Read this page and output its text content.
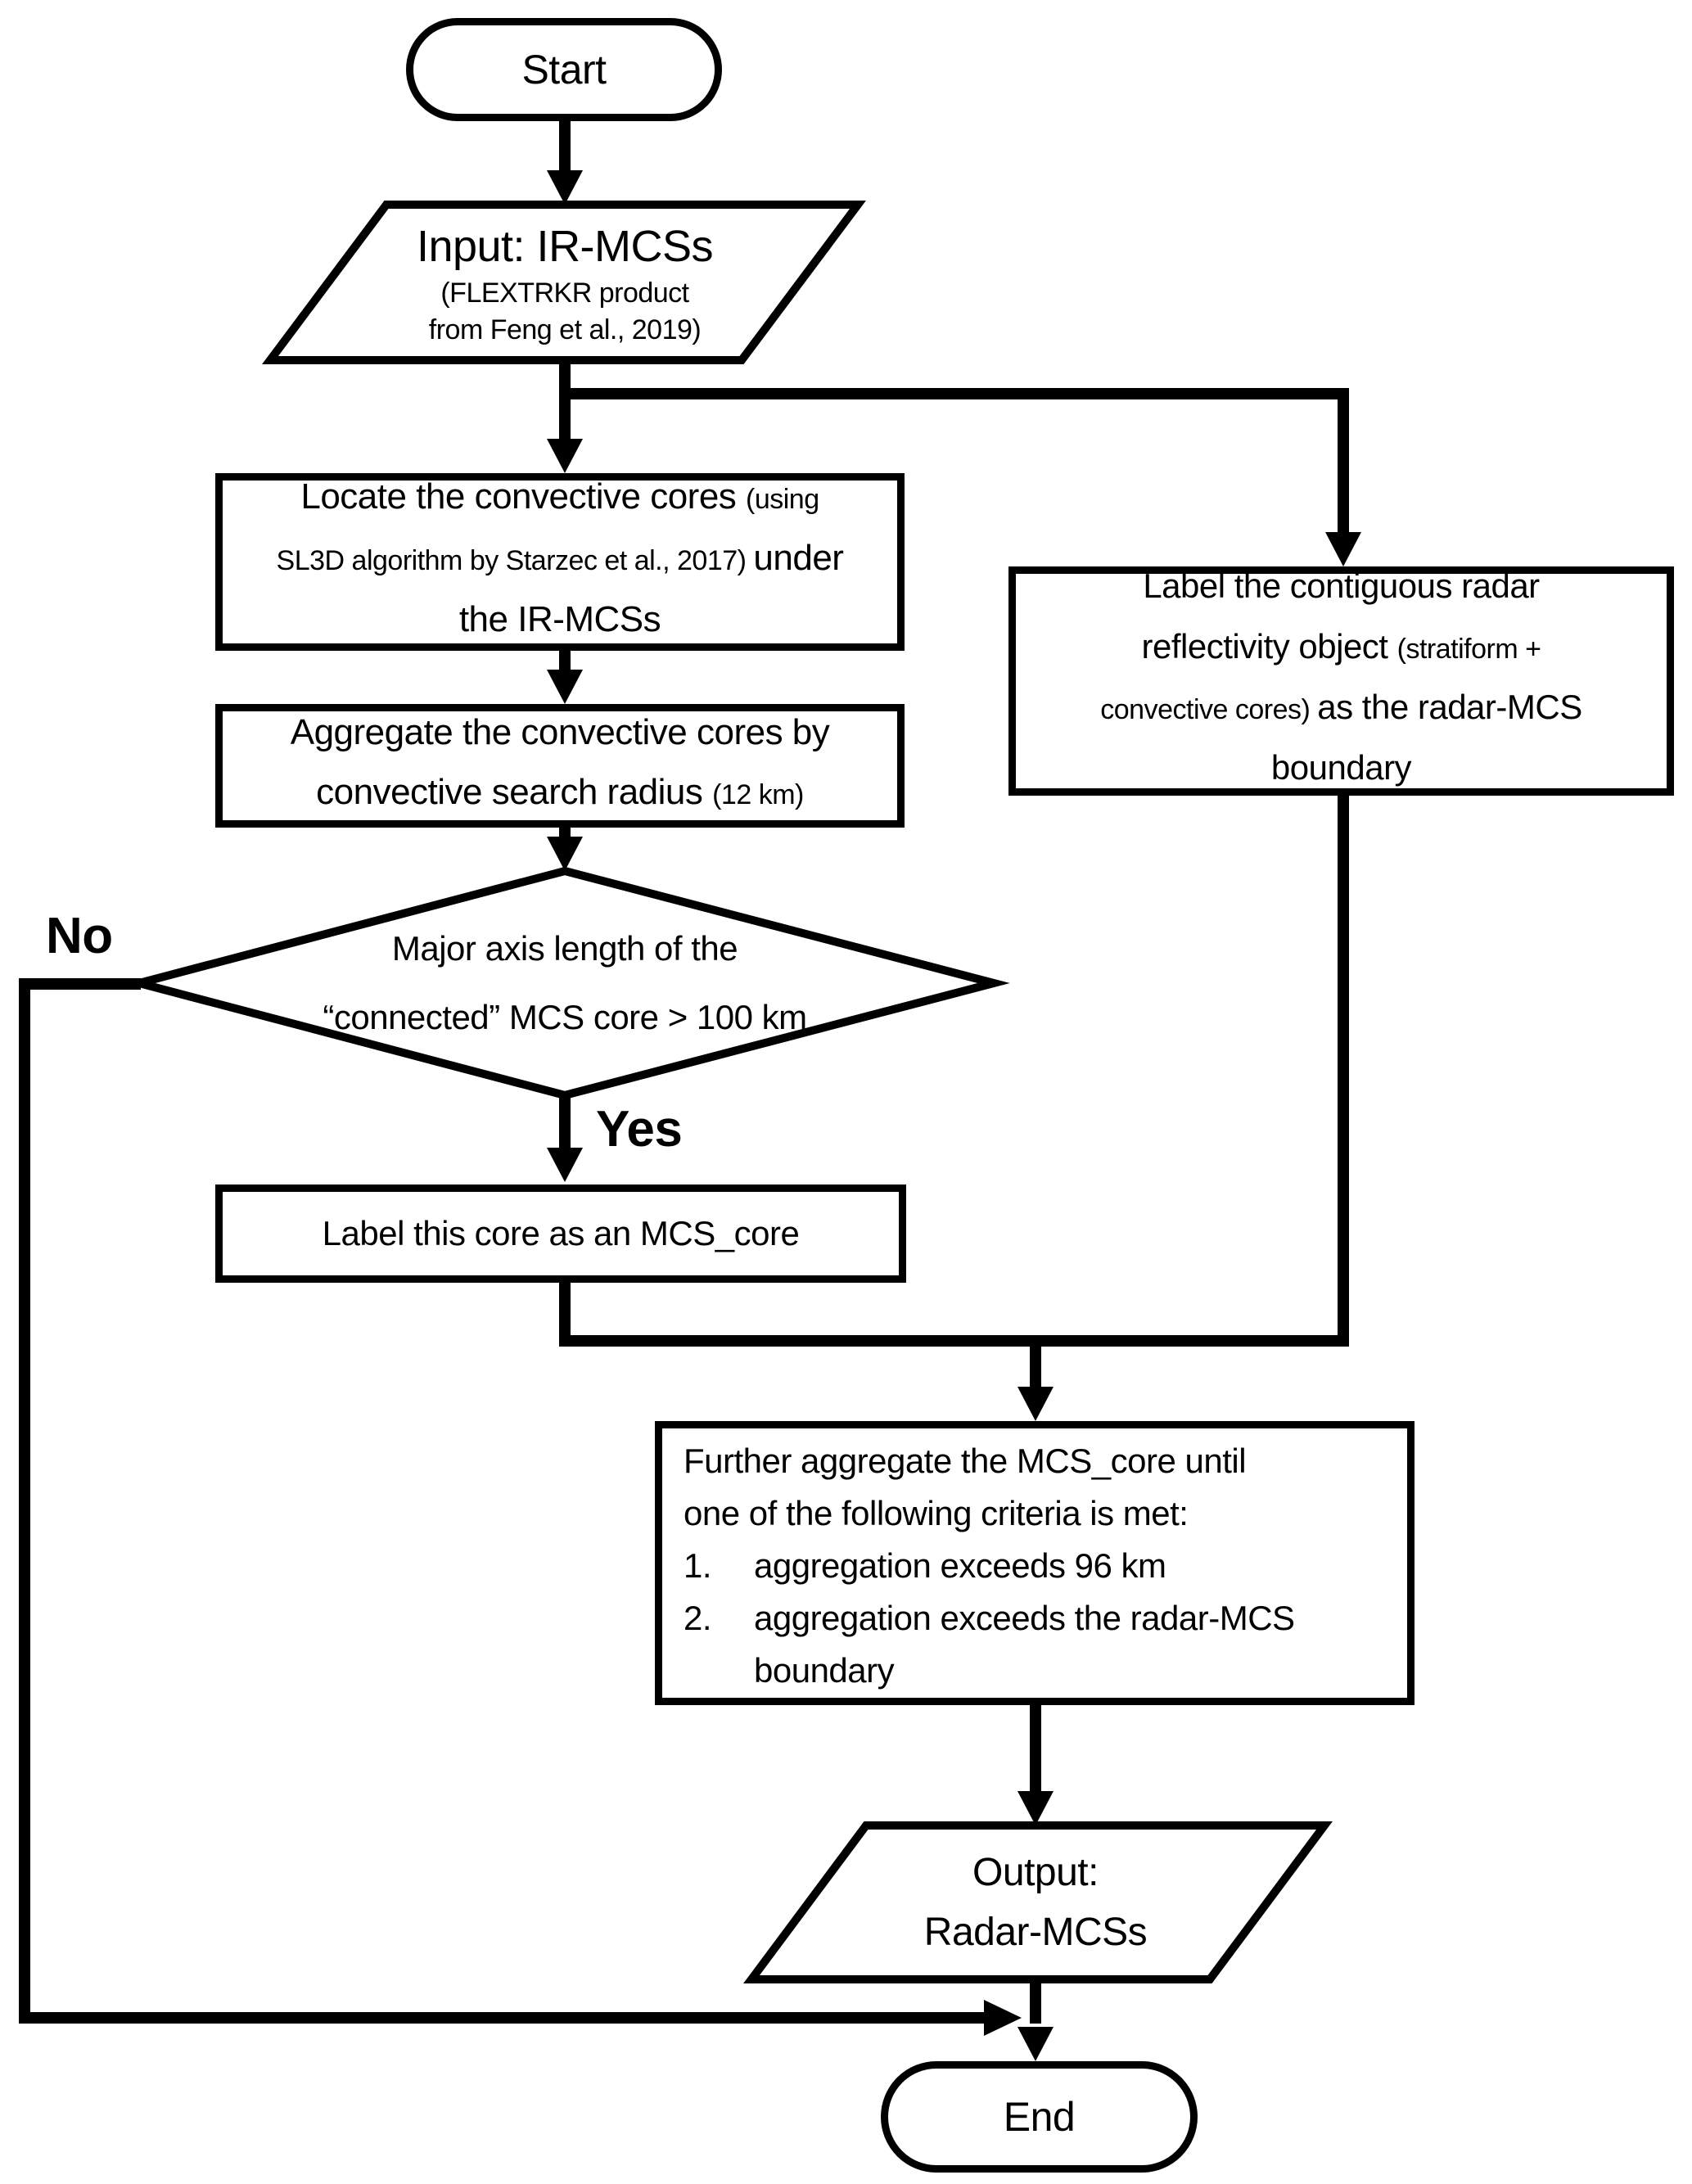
Start
Input: IR-MCSs
(FLEXTRKR product
from Feng et al., 2019)
Locate the convective cores (using
SL3D algorithm by Starzec et al., 2017) under
the IR-MCSs
Aggregate the convective cores by
convective search radius (12 km)
Major axis length of the
“connected” MCS core > 100 km
No
Yes
Label this core as an MCS_core
Label the contiguous radar
reflectivity object (stratiform +
convective cores) as the radar-MCS
boundary
Further aggregate the MCS_core until
one of the following criteria is met:
1.	aggregation exceeds 96 km
2.	aggregation exceeds the radar-MCS boundary
Output:
Radar-MCSs
End
